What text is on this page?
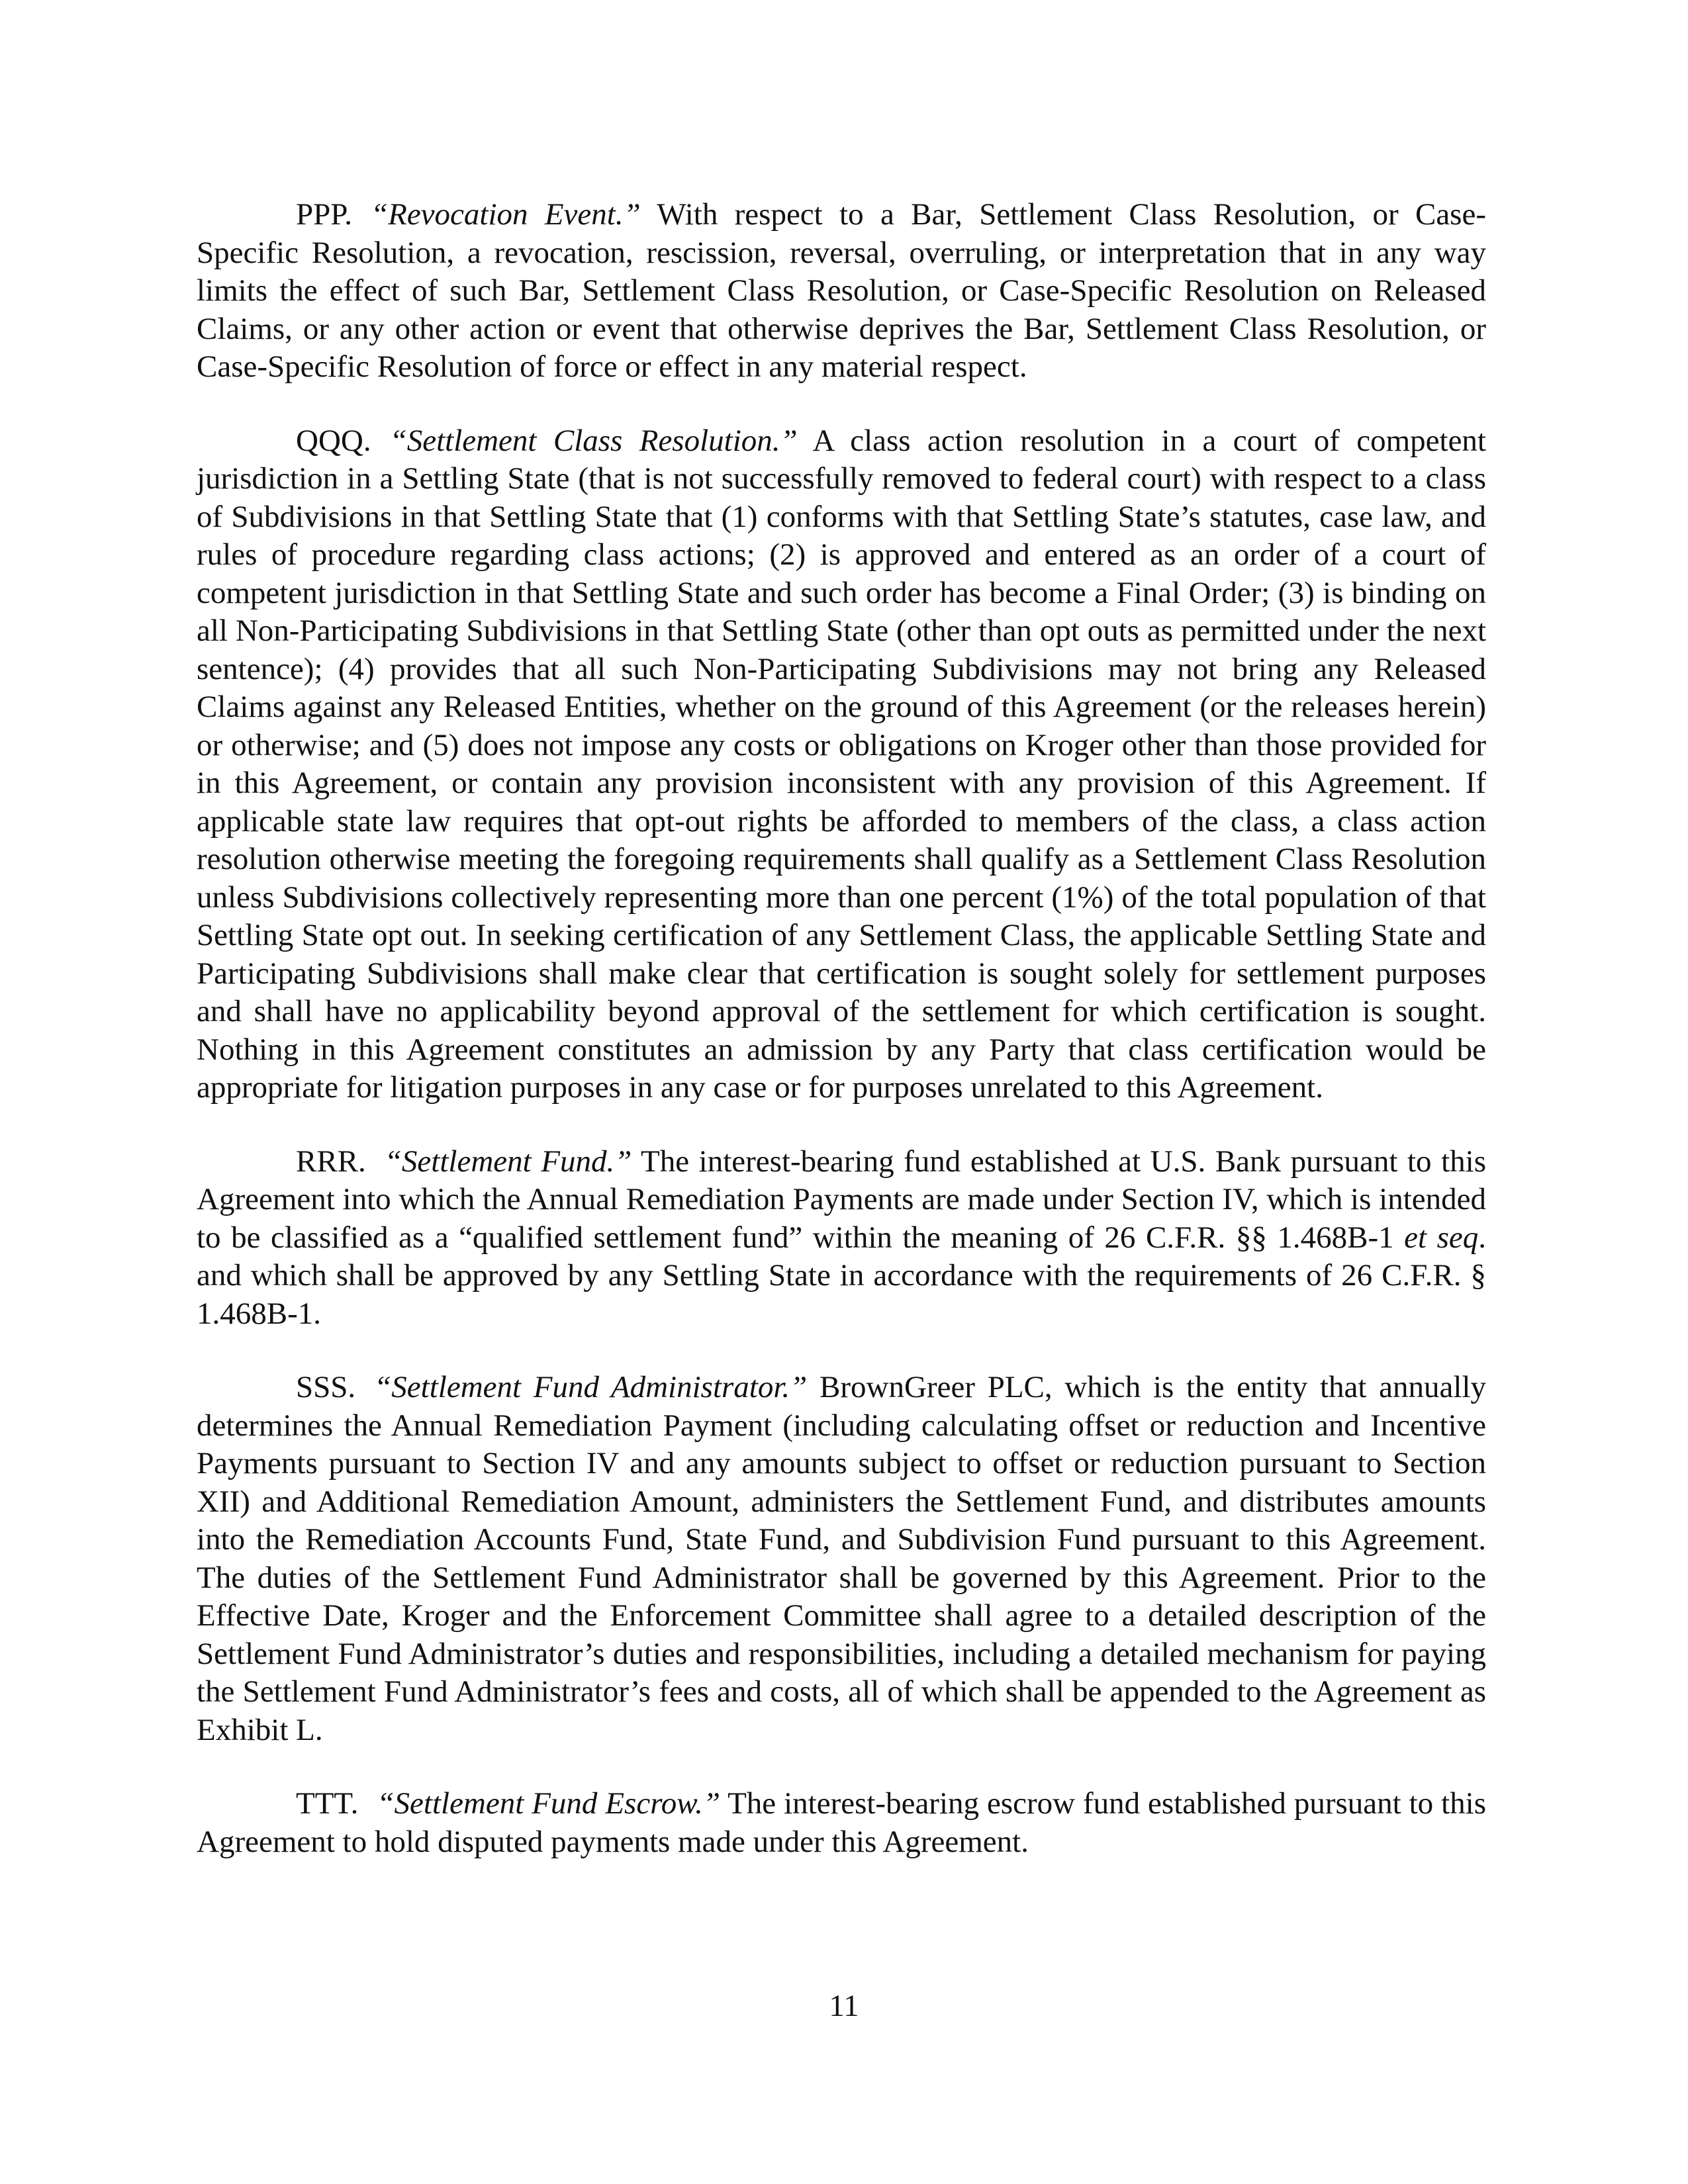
PPP. “Revocation Event.” With respect to a Bar, Settlement Class Resolution, or Case-Specific Resolution, a revocation, rescission, reversal, overruling, or interpretation that in any way limits the effect of such Bar, Settlement Class Resolution, or Case-Specific Resolution on Released Claims, or any other action or event that otherwise deprives the Bar, Settlement Class Resolution, or Case-Specific Resolution of force or effect in any material respect.

QQQ. “Settlement Class Resolution.” A class action resolution in a court of competent jurisdiction in a Settling State (that is not successfully removed to federal court) with respect to a class of Subdivisions in that Settling State that (1) conforms with that Settling State’s statutes, case law, and rules of procedure regarding class actions; (2) is approved and entered as an order of a court of competent jurisdiction in that Settling State and such order has become a Final Order; (3) is binding on all Non-Participating Subdivisions in that Settling State (other than opt outs as permitted under the next sentence); (4) provides that all such Non-Participating Subdivisions may not bring any Released Claims against any Released Entities, whether on the ground of this Agreement (or the releases herein) or otherwise; and (5) does not impose any costs or obligations on Kroger other than those provided for in this Agreement, or contain any provision inconsistent with any provision of this Agreement. If applicable state law requires that opt-out rights be afforded to members of the class, a class action resolution otherwise meeting the foregoing requirements shall qualify as a Settlement Class Resolution unless Subdivisions collectively representing more than one percent (1%) of the total population of that Settling State opt out. In seeking certification of any Settlement Class, the applicable Settling State and Participating Subdivisions shall make clear that certification is sought solely for settlement purposes and shall have no applicability beyond approval of the settlement for which certification is sought. Nothing in this Agreement constitutes an admission by any Party that class certification would be appropriate for litigation purposes in any case or for purposes unrelated to this Agreement.

RRR. “Settlement Fund.” The interest-bearing fund established at U.S. Bank pursuant to this Agreement into which the Annual Remediation Payments are made under Section IV, which is intended to be classified as a “qualified settlement fund” within the meaning of 26 C.F.R. §§ 1.468B-1 et seq. and which shall be approved by any Settling State in accordance with the requirements of 26 C.F.R. § 1.468B-1.

SSS. “Settlement Fund Administrator.” BrownGreer PLC, which is the entity that annually determines the Annual Remediation Payment (including calculating offset or reduction and Incentive Payments pursuant to Section IV and any amounts subject to offset or reduction pursuant to Section XII) and Additional Remediation Amount, administers the Settlement Fund, and distributes amounts into the Remediation Accounts Fund, State Fund, and Subdivision Fund pursuant to this Agreement. The duties of the Settlement Fund Administrator shall be governed by this Agreement. Prior to the Effective Date, Kroger and the Enforcement Committee shall agree to a detailed description of the Settlement Fund Administrator’s duties and responsibilities, including a detailed mechanism for paying the Settlement Fund Administrator’s fees and costs, all of which shall be appended to the Agreement as Exhibit L.

TTT. “Settlement Fund Escrow.” The interest-bearing escrow fund established pursuant to this Agreement to hold disputed payments made under this Agreement.

11
